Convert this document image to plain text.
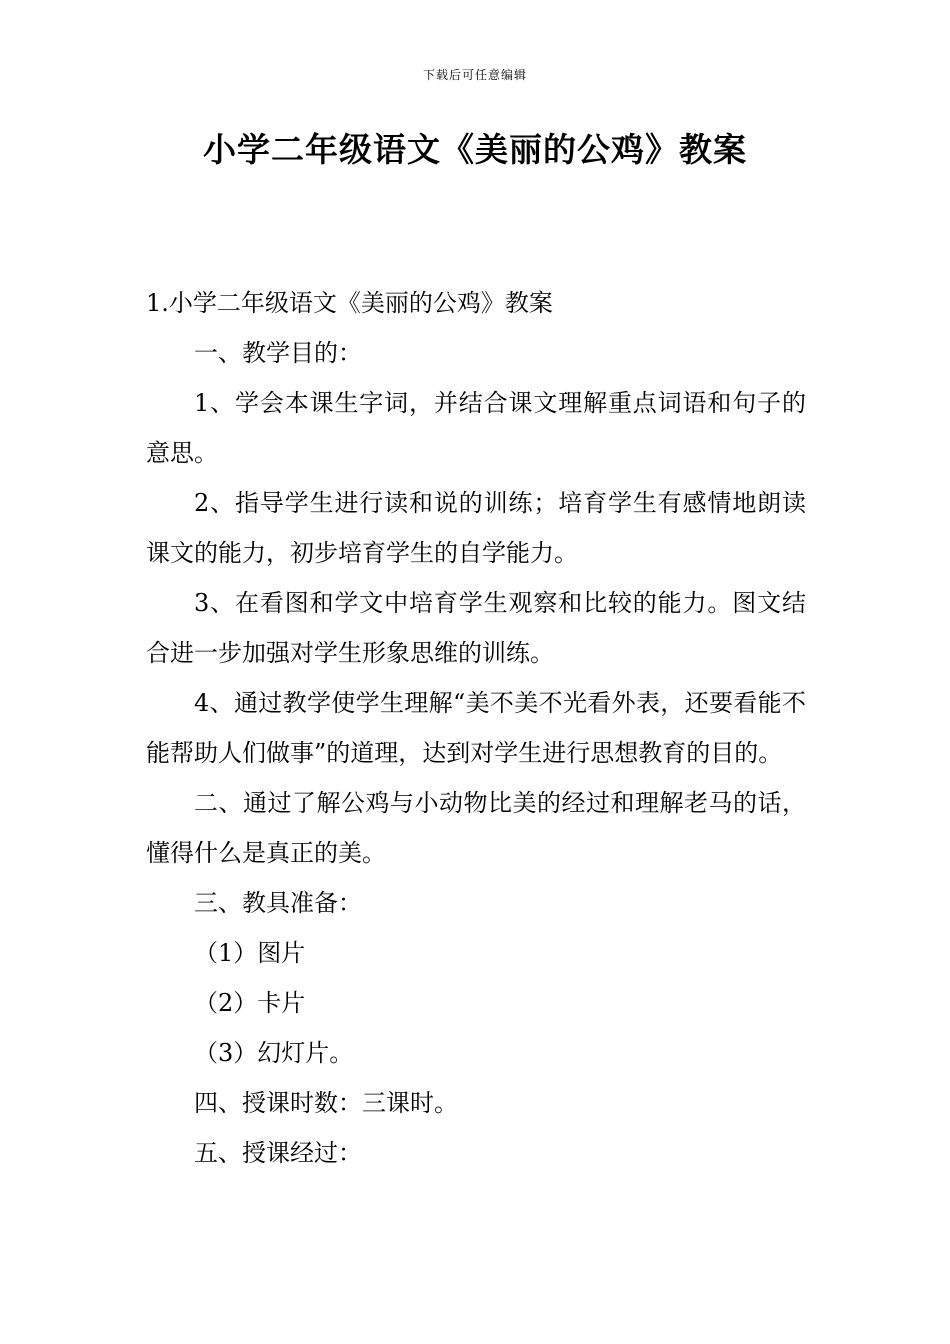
下载后可任意编辑
小学二年级语文《美丽的公鸡》教案

1.小学二年级语文《美丽的公鸡》教案

一、教学目的：

1、学会本课生字词，并结合课文理解重点词语和句子的意思。

2、指导学生进行读和说的训练；培育学生有感情地朗读课文的能力，初步培育学生的自学能力。

3、在看图和学文中培育学生观察和比较的能力。图文结合进一步加强对学生形象思维的训练。

4、通过教学使学生理解“美不美不光看外表，还要看能不能帮助人们做事”的道理，达到对学生进行思想教育的目的。

二、通过了解公鸡与小动物比美的经过和理解老马的话，懂得什么是真正的美。

三、教具准备：

（1）图片

（2）卡片

（3）幻灯片。

四、授课时数：三课时。

五、授课经过：
